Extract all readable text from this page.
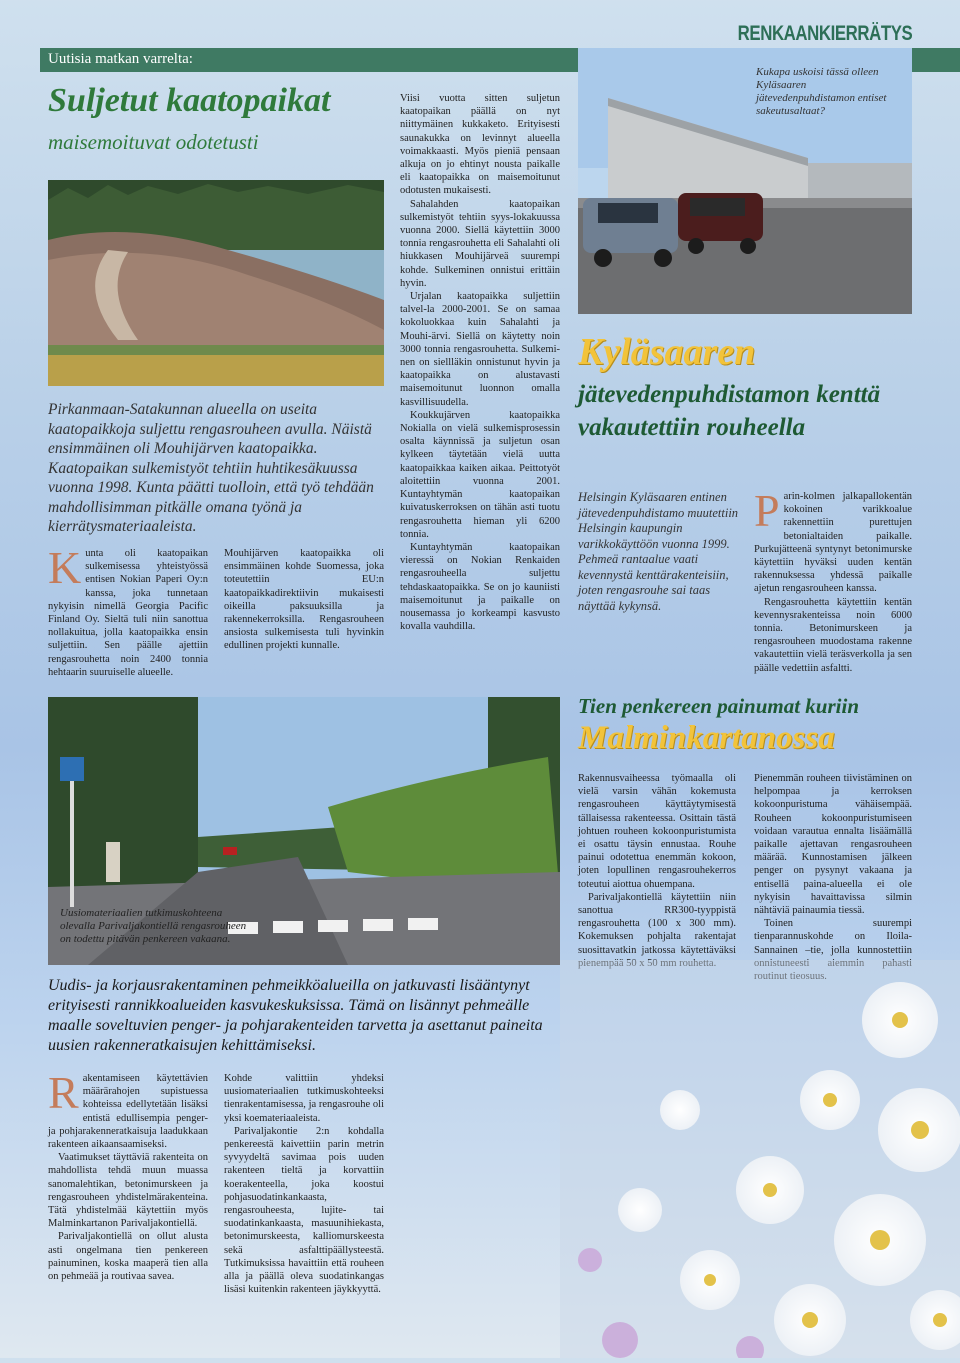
Uutisia matkan varrelta:
RENKAANKIERRÄTYS
Suljetut kaatopaikat
maisemoituvat odotetusti
Pirkanmaan-Satakunnan alueella on useita kaatopaikkoja suljettu rengasrouheen avulla. Näistä ensimmäinen oli Mouhijärven kaatopaikka. Kaatopaikan sulkemistyöt tehtiin huhtikesäkuussa vuonna 1998. Kunta päätti tuolloin, että työ tehdään mahdollisimman pitkälle omana työnä ja kierrätysmateriaaleista.
Kunta oli kaatopaikan sulkemisessa yhteistyössä entisen Nokian Paperi Oy:n kanssa, joka tunnetaan nykyisin nimellä Georgia Pacific Finland Oy. Sieltä tuli niin sanottua nollakuitua, jolla kaatopaikka ensin suljettiin. Sen päälle ajettiin rengasrouhetta noin 2400 tonnia hehtaarin suuruiselle alueelle.
Mouhijärven kaatopaikka oli ensimmäinen kohde Suomessa, joka toteutettiin EU:n kaatopaikkadirektiivin mukaisesti oikeilla paksuuksilla ja rakennekerroksilla. Rengasrouheen ansiosta sulkemisesta tuli hyvinkin edullinen projekti kunnalle.
Viisi vuotta sitten suljetun kaatopaikan päällä on nyt niittymäinen kukkaketo. Erityisesti saunakukka on levinnyt alueella voimakkaasti. Myös pieniä pensaan alkuja on jo ehtinyt nousta paikalle eli kaatopaikka on maisemoitunut odotusten mukaisesti.
Sahalahden kaatopaikan sulkemistyöt tehtiin syys-lokakuussa vuonna 2000. Siellä käytettiin 3000 tonnia rengasrouhetta eli Sahalahti oli hiukkasen Mouhijärveä suurempi kohde. Sulkeminen onnistui erittäin hyvin.
Urjalan kaatopaikka suljettiin talvel-la 2000-2001. Se on samaa kokoluokkaa kuin Sahalahti ja Mouhi-ärvi. Siellä on käytetty noin 3000 tonnia rengasrouhetta. Sulkemi-nen on siellläkin onnistunut hyvin ja kaatopaikka on alustavasti maisemoitunut luonnon omalla kasvillisuudella.
Koukkujärven kaatopaikka Nokialla on vielä sulkemisprosessin osalta käynnissä ja suljetun osan kylkeen täytetään vielä uutta kaatopaikkaa kaiken aikaa. Peittotyöt aloitettiin vuonna 2001. Kuntayhtymän kaatopaikan kuivatuskerroksen on tähän asti tuotu rengasrouhetta hieman yli 6200 tonnia.
Kuntayhtymän kaatopaikan vieressä on Nokian Renkaiden rengasrouheella suljettu tehdaskaatopaikka. Se on jo kauniisti maisemoitunut ja paikalle on nousemassa jo korkeampi kasvusto kovalla vauhdilla.
Kukapa uskoisi tässä olleen Kyläsaaren jätevedenpuhdistamon entiset sakeutusaltaat?
Kyläsaaren
jätevedenpuhdistamon kenttä vakautettiin rouheella
Helsingin Kyläsaaren entinen jätevedenpuhdistamo muutettiin Helsingin kaupungin varikkokäyttöön vuonna 1999. Pehmeä rantaalue vaati kevennystä kenttärakenteisiin, joten rengasrouhe sai taas näyttää kykynsä.
Parin-kolmen jalkapallokentän kokoinen varikkoalue rakennettiin purettujen betonialtaiden paikalle. Purkujätteenä syntynyt betonimurske käytettiin hyväksi uuden kentän rakennuksessa yhdessä paikalle ajetun rengasrouheen kanssa.
Rengasrouhetta käytettiin kentän kevennysrakenteissa noin 6000 tonnia. Betonimurskeen ja rengasrouheen muodostama rakenne vakautettiin vielä teräsverkolla ja sen päälle vedettiin asfaltti.
Uusiomateriaalien tutkimuskohteena olevalla Parivaljakontiellä rengasrouheen on todettu pitävän penkereen vakaana.
Tien penkereen painumat kuriin
Malminkartanossa
Rakennusvaiheessa työmaalla oli vielä varsin vähän kokemusta rengasrouheen käyttäytymisestä tällaisessa rakenteessa. Osittain tästä johtuen rouheen kokoonpuristumista ei osattu täysin ennustaa. Rouhe painui odotettua enemmän kokoon, joten lopullinen rengasrouhekerros toteutui aiottua ohuempana.
Parivaljakontiellä käytettiin niin sanottua RR300-tyyppistä rengasrouhetta (100 x 300 mm). Kokemuksen pohjalta rakentajat suosittavatkin jatkossa käytettäväksi pienempää 50 x 50 mm rouhetta.
Pienemmän rouheen tiivistäminen on helpompaa ja kerroksen kokoonpuristuma vähäisempää. Rouheen kokoonpuristumiseen voidaan varautua ennalta lisäämällä paikalle ajettavan rengasrouheen määrää. Kunnostamisen jälkeen penger on pysynyt vakaana ja entisellä paina-alueella ei ole nykyisin havaittavissa silmin nähtäviä painaumia tiessä.
Toinen suurempi tienparannuskohde on Iloila-Sannainen –tie, jolla kunnostettiin onnistuneesti aiemmin pahasti routinut tieosuus.
Uudis- ja korjausrakentaminen pehmeikköalueilla on jatkuvasti lisääntynyt erityisesti rannikkoalueiden kasvukeskuksissa. Tämä on lisännyt pehmeälle maalle soveltuvien penger- ja pohjarakenteiden tarvetta ja asettanut paineita uusien rakenneratkaisujen kehittämiseksi.
Rakentamiseen käytettävien määrärahojen supistuessa kohteissa edellytetään lisäksi entistä edullisempia penger- ja pohjarakenneratkaisuja laadukkaan rakenteen aikaansaamiseksi.
Vaatimukset täyttäviä rakenteita on mahdollista tehdä muun muassa sanomalehtikan, betonimurskeen ja rengasrouheen yhdistelmärakenteina. Tätä yhdistelmää käytettiin myös Malminkartanon Parivaljakontiellä.
Parivaljakontiellä on ollut alusta asti ongelmana tien penkereen painuminen, koska maaperä tien alla on pehmeää ja routivaa savea.
Kohde valittiin yhdeksi uusiomateriaalien tutkimuskohteeksi tienrakentamisessa, ja rengasrouhe oli yksi koemateriaaleista.
Parivaljakontie 2:n kohdalla penkereestä kaivettiin parin metrin syvyydeltä savimaa pois uuden rakenteen tieltä ja korvattiin koerakenteella, joka koostui pohjasuodatinkankaasta, rengasrouheesta, lujite- tai suodatinkankaasta, masuunihiekasta, betonimurskeesta, kalliomurskeesta sekä asfalttipäällysteestä. Tutkimuksissa havaittiin että rouheen alla ja päällä oleva suodatinkangas lisäsi kuitenkin rakenteen jäykkyyttä.
